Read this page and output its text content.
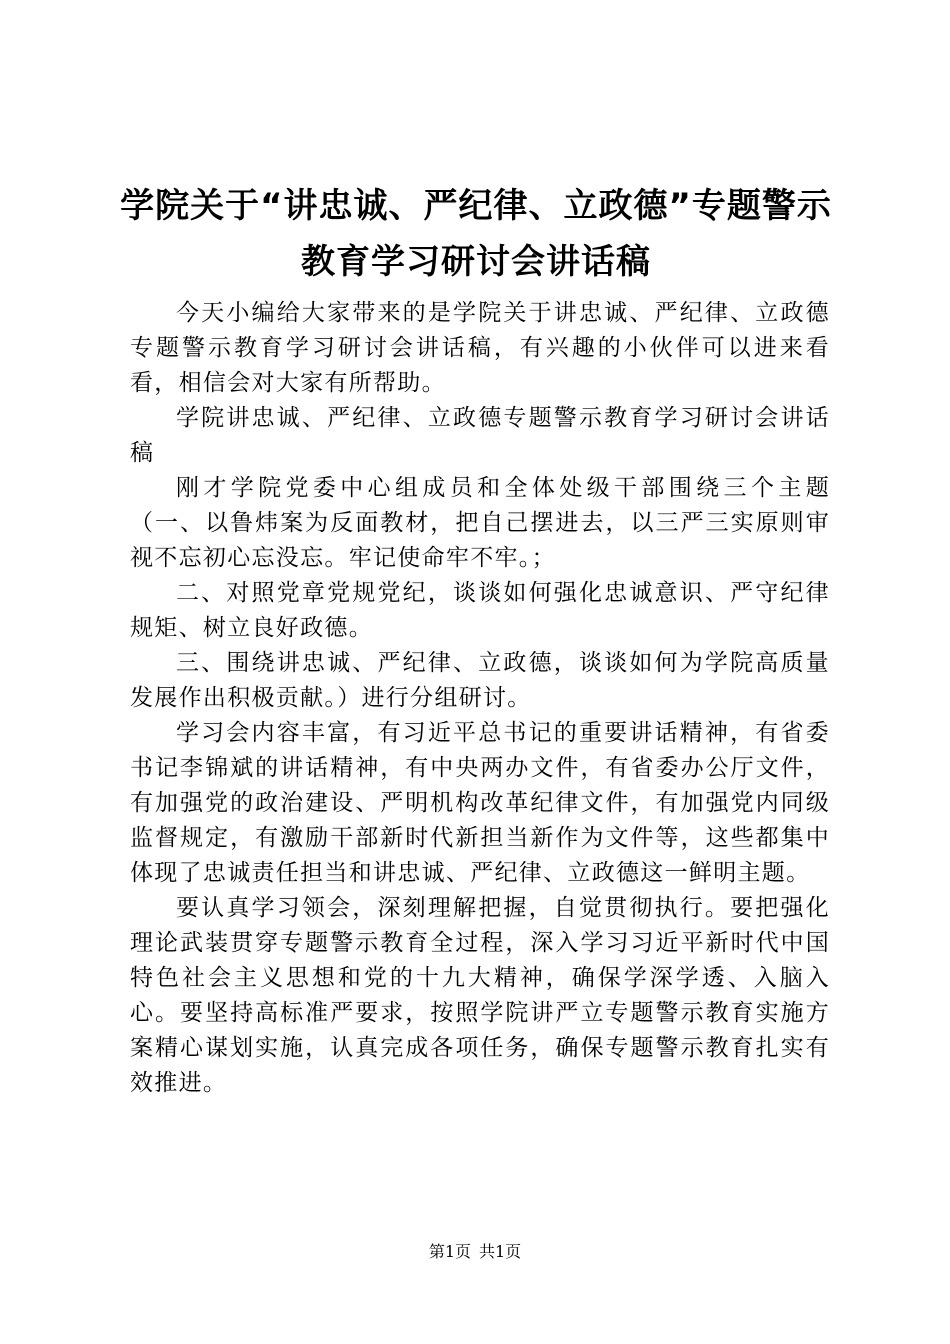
学院关于“讲忠诚、严纪律、立政德”专题警示教育学习研讨会讲话稿

今天小编给大家带来的是学院关于讲忠诚、严纪律、立政德专题警示教育学习研讨会讲话稿，有兴趣的小伙伴可以进来看看，相信会对大家有所帮助。

学院讲忠诚、严纪律、立政德专题警示教育学习研讨会讲话稿

刚才学院党委中心组成员和全体处级干部围绕三个主题（一、以鲁炜案为反面教材，把自己摆进去，以三严三实原则审视不忘初心忘没忘。牢记使命牢不牢。；

二、对照党章党规党纪，谈谈如何强化忠诚意识、严守纪律规矩、树立良好政德。

三、围绕讲忠诚、严纪律、立政德，谈谈如何为学院高质量发展作出积极贡献。）进行分组研讨。

学习会内容丰富，有习近平总书记的重要讲话精神，有省委书记李锦斌的讲话精神，有中央两办文件，有省委办公厅文件，有加强党的政治建设、严明机构改革纪律文件，有加强党内同级监督规定，有激励干部新时代新担当新作为文件等，这些都集中体现了忠诚责任担当和讲忠诚、严纪律、立政德这一鲜明主题。

要认真学习领会，深刻理解把握，自觉贯彻执行。要把强化理论武装贯穿专题警示教育全过程，深入学习习近平新时代中国特色社会主义思想和党的十九大精神，确保学深学透、入脑入心。要坚持高标准严要求，按照学院讲严立专题警示教育实施方案精心谋划实施，认真完成各项任务，确保专题警示教育扎实有效推进。

第1页 共1页
